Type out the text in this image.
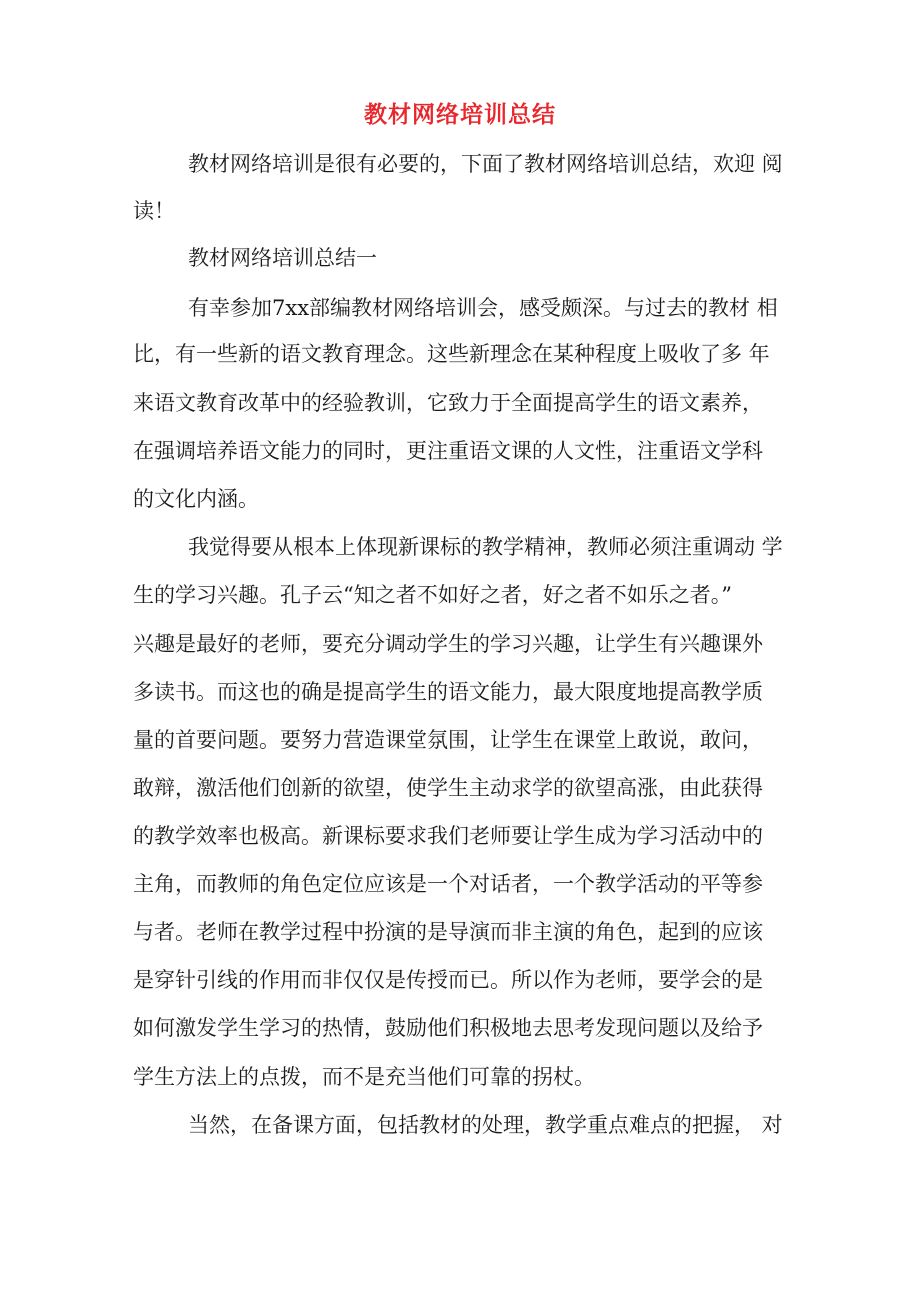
教材网络培训总结
教材网络培训是很有必要的，下面了教材网络培训总结，欢迎 阅
读！
教材网络培训总结一
有幸参加7xx部编教材网络培训会，感受颇深。与过去的教材 相
比，有一些新的语文教育理念。这些新理念在某种程度上吸收了多 年
来语文教育改革中的经验教训，它致力于全面提高学生的语文素养，
在强调培养语文能力的同时，更注重语文课的人文性，注重语文学科
的文化内涵。
我觉得要从根本上体现新课标的教学精神，教师必须注重调动 学
生的学习兴趣。孔子云“知之者不如好之者，好之者不如乐之者。”
兴趣是最好的老师，要充分调动学生的学习兴趣，让学生有兴趣课外
多读书。而这也的确是提高学生的语文能力，最大限度地提高教学质
量的首要问题。要努力营造课堂氛围，让学生在课堂上敢说，敢问，
敢辩，激活他们创新的欲望，使学生主动求学的欲望高涨，由此获得
的教学效率也极高。新课标要求我们老师要让学生成为学习活动中的
主角，而教师的角色定位应该是一个对话者，一个教学活动的平等参
与者。老师在教学过程中扮演的是导演而非主演的角色，起到的应该
是穿针引线的作用而非仅仅是传授而已。所以作为老师，要学会的是
如何激发学生学习的热情，鼓励他们积极地去思考发现问题以及给予
学生方法上的点拨，而不是充当他们可靠的拐杖。
当然，在备课方面，包括教材的处理，教学重点难点的把握， 对
